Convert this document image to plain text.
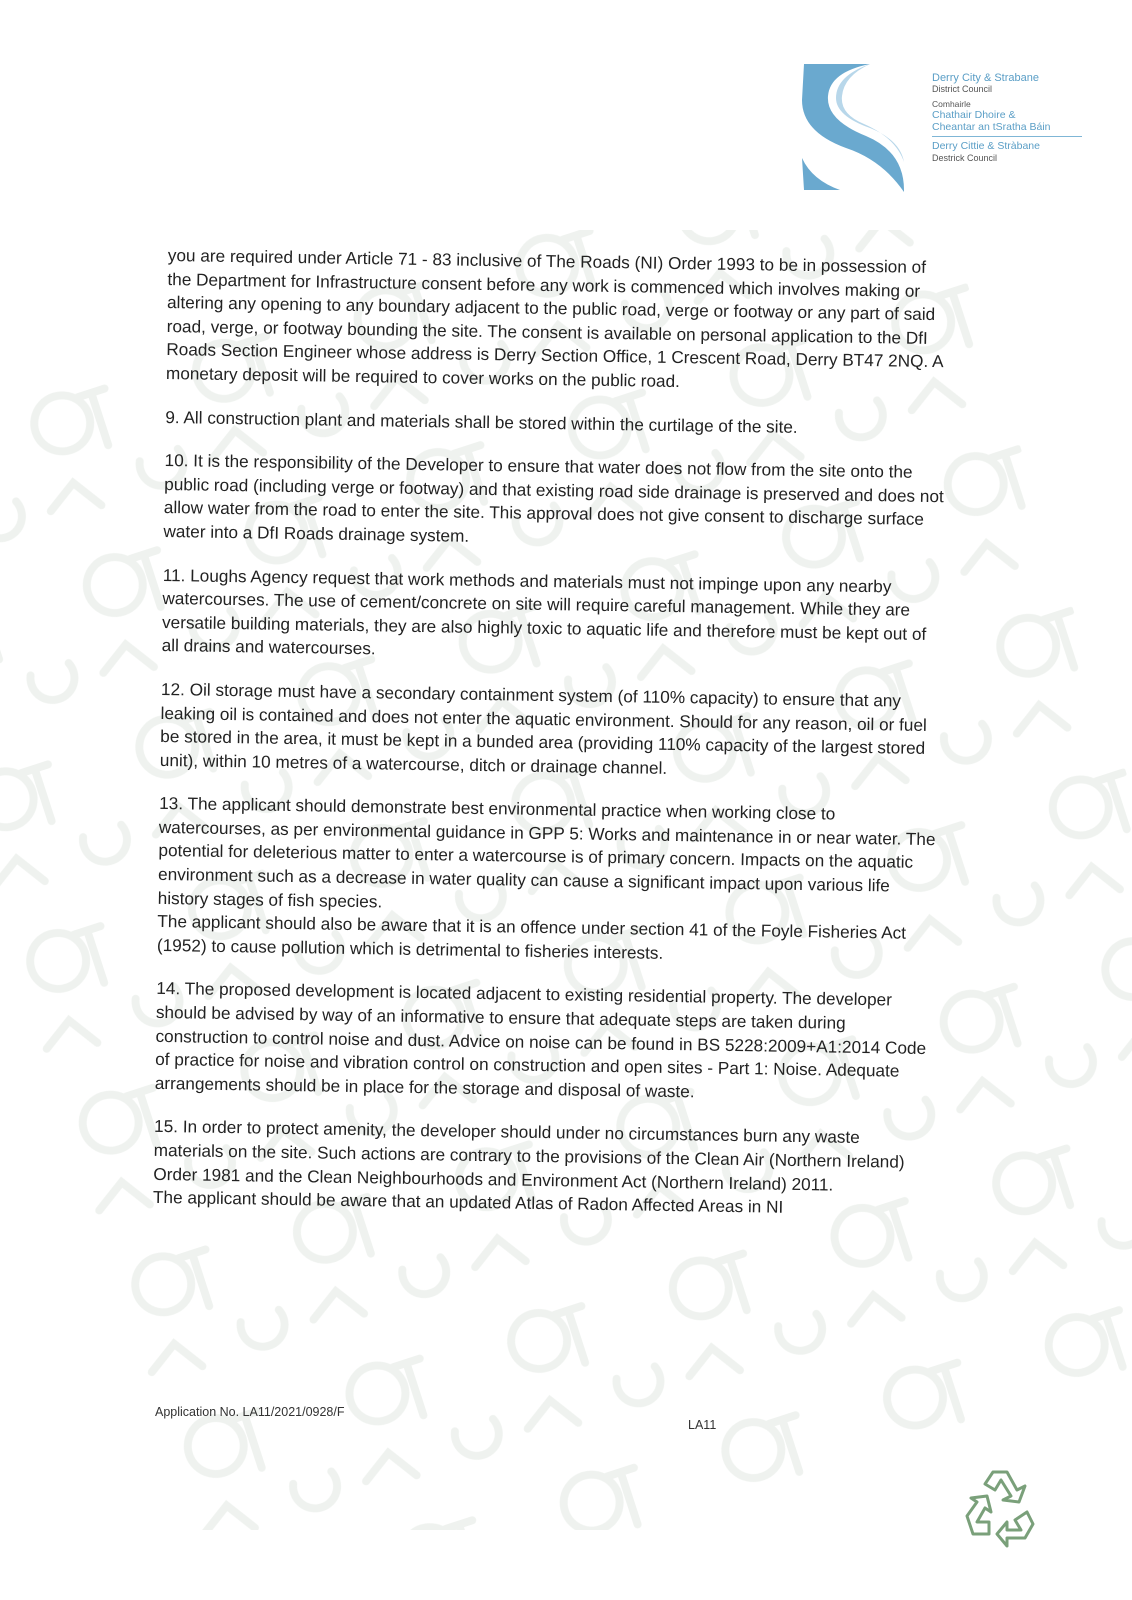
Derry City & Strabane
District Council
Comhairle
Chathair Dhoire &
Cheantar an tSratha Báin
Derry Cittie & Stràbane
Destrick Council

you are required under Article 71 - 83 inclusive of The Roads (NI) Order 1993 to be in possession of the Department for Infrastructure consent before any work is commenced which involves making or altering any opening to any boundary adjacent to the public road, verge or footway or any part of said road, verge, or footway bounding the site. The consent is available on personal application to the DfI Roads Section Engineer whose address is Derry Section Office, 1 Crescent Road, Derry BT47 2NQ. A monetary deposit will be required to cover works on the public road.

9. All construction plant and materials shall be stored within the curtilage of the site.

10. It is the responsibility of the Developer to ensure that water does not flow from the site onto the public road (including verge or footway) and that existing road side drainage is preserved and does not allow water from the road to enter the site. This approval does not give consent to discharge surface water into a DfI Roads drainage system.

11. Loughs Agency request that work methods and materials must not impinge upon any nearby watercourses. The use of cement/concrete on site will require careful management. While they are versatile building materials, they are also highly toxic to aquatic life and therefore must be kept out of all drains and watercourses.

12. Oil storage must have a secondary containment system (of 110% capacity) to ensure that any leaking oil is contained and does not enter the aquatic environment. Should for any reason, oil or fuel be stored in the area, it must be kept in a bunded area (providing 110% capacity of the largest stored unit), within 10 metres of a watercourse, ditch or drainage channel.

13. The applicant should demonstrate best environmental practice when working close to watercourses, as per environmental guidance in GPP 5: Works and maintenance in or near water. The potential for deleterious matter to enter a watercourse is of primary concern. Impacts on the aquatic environment such as a decrease in water quality can cause a significant impact upon various life history stages of fish species.

The applicant should also be aware that it is an offence under section 41 of the Foyle Fisheries Act (1952) to cause pollution which is detrimental to fisheries interests.

14. The proposed development is located adjacent to existing residential property. The developer should be advised by way of an informative to ensure that adequate steps are taken during construction to control noise and dust. Advice on noise can be found in BS 5228:2009+A1:2014 Code of practice for noise and vibration control on construction and open sites - Part 1: Noise. Adequate arrangements should be in place for the storage and disposal of waste.

15. In order to protect amenity, the developer should under no circumstances burn any waste materials on the site. Such actions are contrary to the provisions of the Clean Air (Northern Ireland) Order 1981 and the Clean Neighbourhoods and Environment Act (Northern Ireland) 2011.

The applicant should be aware that an updated Atlas of Radon Affected Areas in NI

Application No. LA11/2021/0928/F
LA11
